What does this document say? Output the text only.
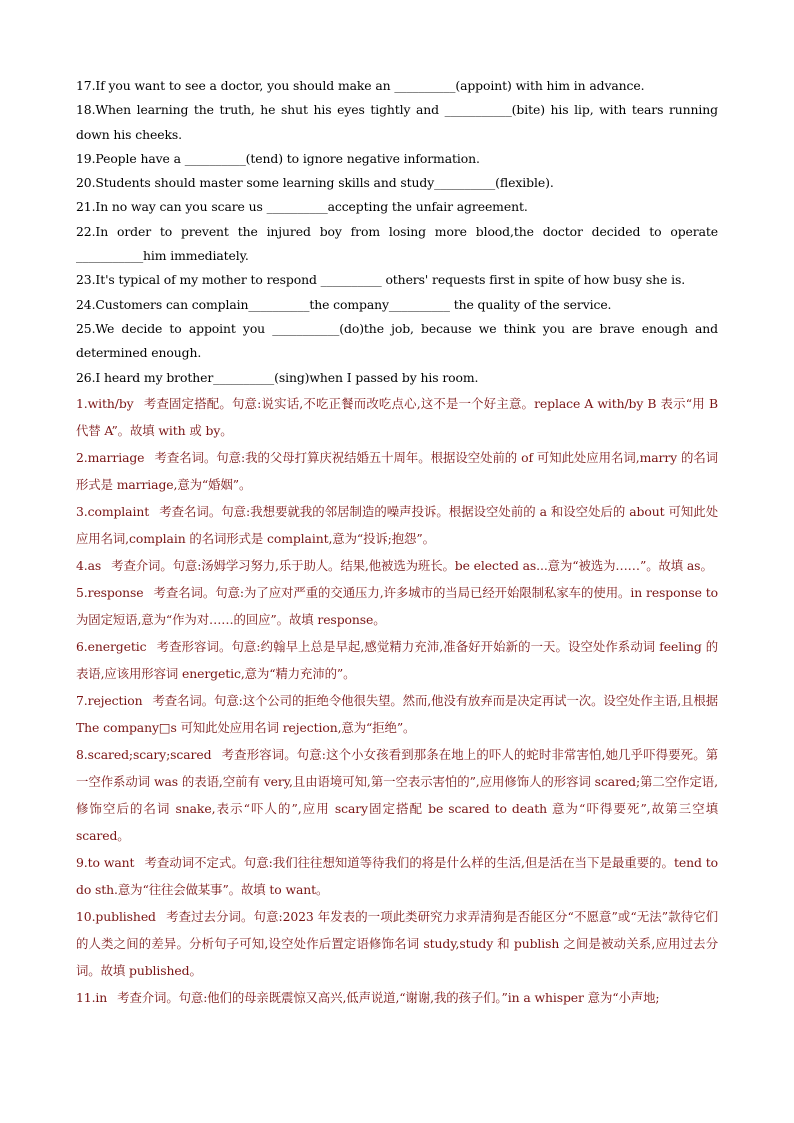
17.If you want to see a doctor, you should make an __________(appoint) with him in advance.
18.When learning the truth, he shut his eyes tightly and ___________(bite) his lip, with tears running down his cheeks.
19.People have a __________(tend) to ignore negative information.
20.Students should master some learning skills and study__________(flexible).
21.In no way can you scare us __________accepting the unfair agreement.
22.In order to prevent the injured boy from losing more blood,the doctor decided to operate ___________him immediately.
23.It's typical of my mother to respond __________ others' requests first in spite of how busy she is.
24.Customers can complain__________the company__________ the quality of the service.
25.We decide to appoint you ___________(do)the job, because we think you are brave enough and determined enough.
26.I heard my brother__________(sing)when I passed by his room.
1.with/by 考查固定搭配。句意:说实话,不吃正餐而改吃点心,这不是一个好主意。replace A with/by B 表示“用 B 代替 A”。故填 with 或 by。
2.marriage 考查名词。句意:我的父母打算庆祝结婚五十周年。根据设空处前的 of 可知此处应用名词,marry 的名词形式是 marriage,意为“婚姻”。
3.complaint 考查名词。句意:我想要就我的邻居制造的噪声投诉。根据设空处前的 a 和设空处后的 about 可知此处应用名词,complain 的名词形式是 complaint,意为“投诉;抱怨”。
4.as 考查介词。句意:汤姆学习努力,乐于助人。结果,他被选为班长。be elected as...意为“被选为……”。故填 as。
5.response 考查名词。句意:为了应对严重的交通压力,许多城市的当局已经开始限制私家车的使用。in response to 为固定短语,意为“作为对……的回应”。故填 response。
6.energetic 考查形容词。句意:约翰早上总是早起,感觉精力充沛,准备好开始新的一天。设空处作系动词 feeling 的表语,应该用形容词 energetic,意为“精力充沛的”。
7.rejection 考查名词。句意:这个公司的拒绝令他很失望。然而,他没有放弃而是决定再试一次。设空处作主语,且根据 The company□s 可知此处应用名词 rejection,意为“拒绝”。
8.scared;scary;scared 考查形容词。句意:这个小女孩看到那条在地上的吓人的蛇时非常害怕,她几乎吓得要死。第一空作系动词 was 的表语,空前有 very,且由语境可知,第一空表示害怕的”,应用修饰人的形容词 scared;第二空作定语,修饰空后的名词 snake,表示“吓人的”,应用 scary固定搭配 be scared to death 意为“吓得要死”,故第三空填 scared。
9.to want 考查动词不定式。句意:我们往往想知道等待我们的将是什么样的生活,但是活在当下是最重要的。tend to do sth.意为“往往会做某事”。故填 to want。
10.published 考查过去分词。句意:2023 年发表的一项此类研究力求弄清狗是否能区分“不愿意”或“无法”款待它们的人类之间的差异。分析句子可知,设空处作后置定语修饰名词 study,study 和 publish 之间是被动关系,应用过去分词。故填 published。
11.in 考查介词。句意:他们的母亲既震惊又高兴,低声说道,“谢谢,我的孩子们。”in a whisper 意为“小声地;
